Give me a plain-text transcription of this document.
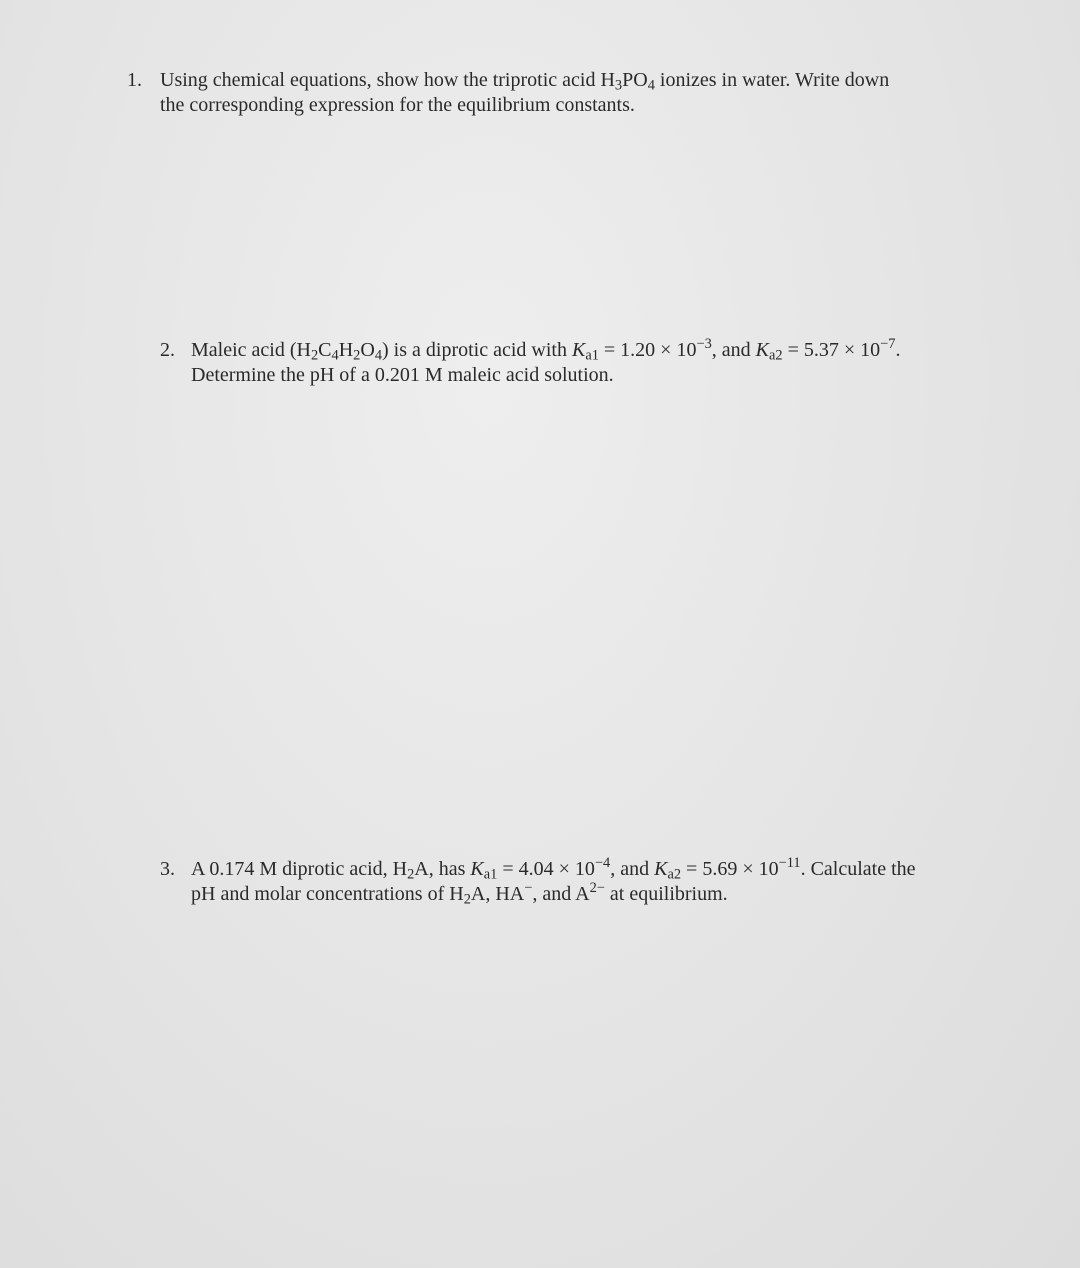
1. Using chemical equations, show how the triprotic acid $H_3PO_4$ ionizes in water. Write down
the corresponding expression for the equilibrium constants.
2. Maleic acid $(H_2C_4H_2O_4)$ is a diprotic acid with $K_{a1} = 1.20 \times 10^{-3}$, and $K_{a2} = 5.37 \times 10^{-7}$.
Determine the pH of a 0.201 M maleic acid solution.
3. A 0.174 M diprotic acid, $H_2A$, has $K_{a1} = 4.04 \times 10^{-4}$, and $K_{a2} = 5.69 \times 10^{-11}$. Calculate the
pH and molar concentrations of $H_2A$, HA−, and $A^{2-}$ at equilibrium.
